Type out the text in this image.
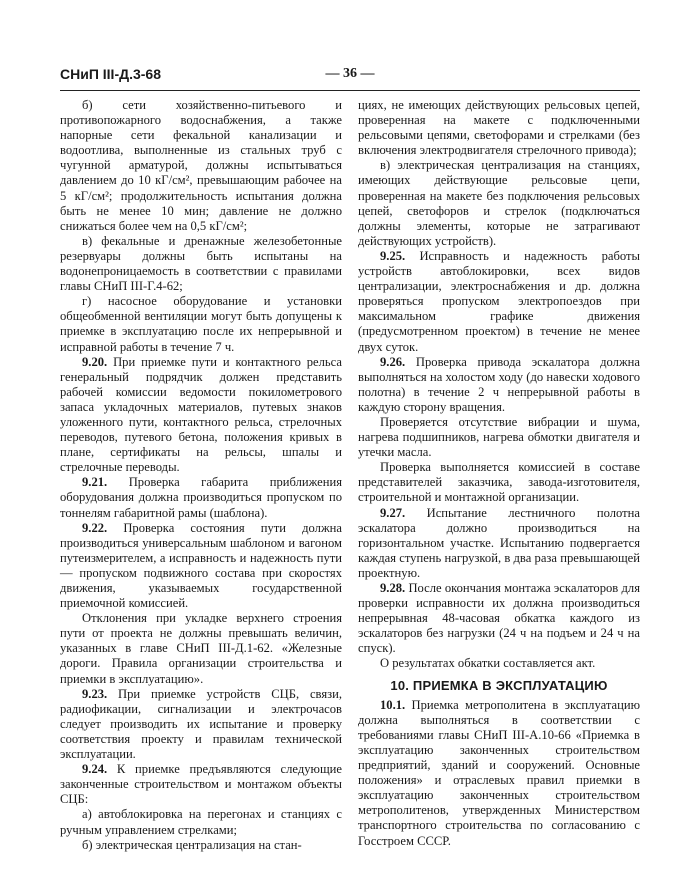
СНиП III-Д.3-68	— 36 —

б) сети хозяйственно-питьевого и противопожарного водоснабжения, а также напорные сети фекальной канализации и водоотлива, выполненные из стальных труб с чугунной арматурой, должны испытываться давлением до 10 кГ/см², превышающим рабочее на 5 кГ/см²; продолжительность испытания должна быть не менее 10 мин; давление не должно снижаться более чем на 0,5 кГ/см²;

в) фекальные и дренажные железобетонные резервуары должны быть испытаны на водонепроницаемость в соответствии с правилами главы СНиП III-Г.4-62;

г) насосное оборудование и установки общеобменной вентиляции могут быть допущены к приемке в эксплуатацию после их непрерывной и исправной работы в течение 7 ч.

9.20. При приемке пути и контактного рельса генеральный подрядчик должен представить рабочей комиссии ведомости покилометрового запаса укладочных материалов, путевых знаков уложенного пути, контактного рельса, стрелочных переводов, путевого бетона, положения кривых в плане, сертификаты на рельсы, шпалы и стрелочные переводы.

9.21. Проверка габарита приближения оборудования должна производиться пропуском по тоннелям габаритной рамы (шаблона).

9.22. Проверка состояния пути должна производиться универсальным шаблоном и вагоном путеизмерителем, а исправность и надежность пути — пропуском подвижного состава при скоростях движения, указываемых государственной приемочной комиссией.

Отклонения при укладке верхнего строения пути от проекта не должны превышать величин, указанных в главе СНиП III-Д.1-62. «Железные дороги. Правила организации строительства и приемки в эксплуатацию».

9.23. При приемке устройств СЦБ, связи, радиофикации, сигнализации и электрочасов следует производить их испытание и проверку соответствия проекту и правилам технической эксплуатации.

9.24. К приемке предъявляются следующие законченные строительством и монтажом объекты СЦБ:

а) автоблокировка на перегонах и станциях с ручным управлением стрелками;

б) электрическая централизация на стан-

циях, не имеющих действующих рельсовых цепей, проверенная на макете с подключенными рельсовыми цепями, светофорами и стрелками (без включения электродвигателя стрелочного привода);

в) электрическая централизация на станциях, имеющих действующие рельсовые цепи, проверенная на макете без подключения рельсовых цепей, светофоров и стрелок (подключаться должны элементы, которые не затрагивают действующих устройств).

9.25. Исправность и надежность работы устройств автоблокировки, всех видов централизации, электроснабжения и др. должна проверяться пропуском электропоездов при максимальном графике движения (предусмотренном проектом) в течение не менее двух суток.

9.26. Проверка привода эскалатора должна выполняться на холостом ходу (до навески ходового полотна) в течение 2 ч непрерывной работы в каждую сторону вращения.

Проверяется отсутствие вибрации и шума, нагрева подшипников, нагрева обмотки двигателя и утечки масла.

Проверка выполняется комиссией в составе представителей заказчика, завода-изготовителя, строительной и монтажной организации.

9.27. Испытание лестничного полотна эскалатора должно производиться на горизонтальном участке. Испытанию подвергается каждая ступень нагрузкой, в два раза превышающей проектную.

9.28. После окончания монтажа эскалаторов для проверки исправности их должна производиться непрерывная 48-часовая обкатка каждого из эскалаторов без нагрузки (24 ч на подъем и 24 ч на спуск).

О результатах обкатки составляется акт.

10. ПРИЕМКА В ЭКСПЛУАТАЦИЮ

10.1. Приемка метрополитена в эксплуатацию должна выполняться в соответствии с требованиями главы СНиП III-А.10-66 «Приемка в эксплуатацию законченных строительством предприятий, зданий и сооружений. Основные положения» и отраслевых правил приемки в эксплуатацию законченных строительством метрополитенов, утвержденных Министерством транспортного строительства по согласованию с Госстроем СССР.
